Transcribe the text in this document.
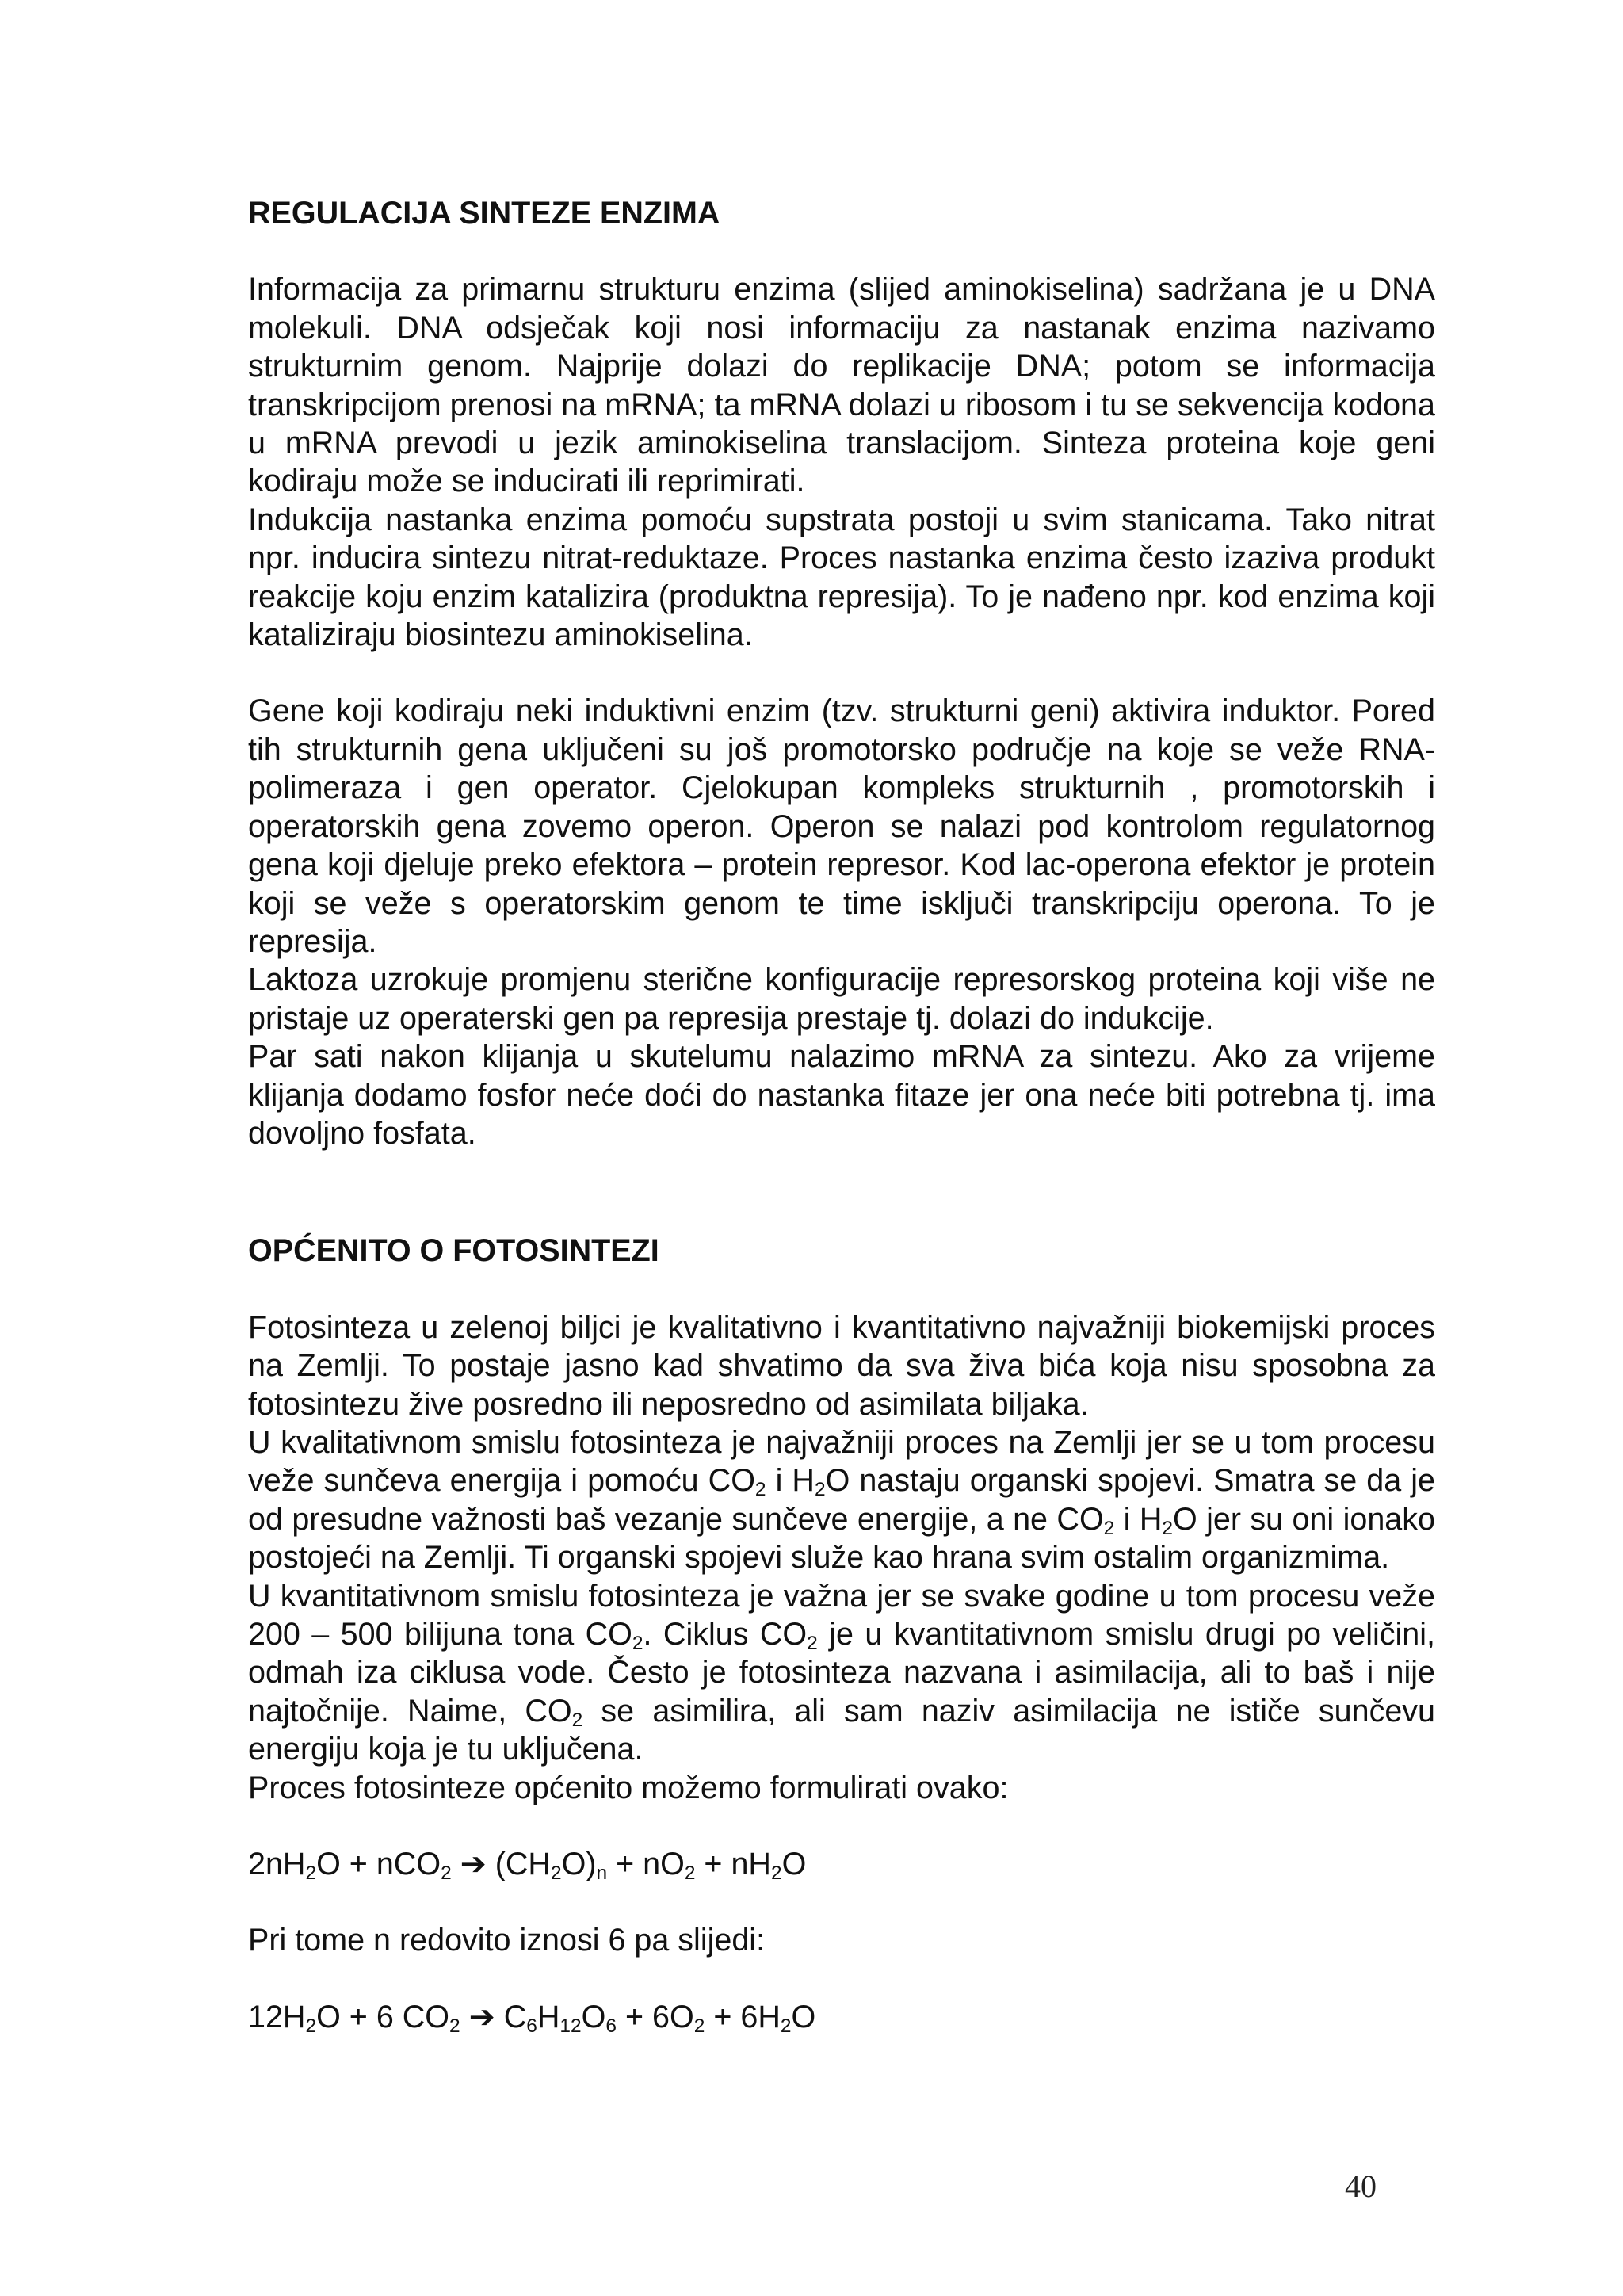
REGULACIJA SINTEZE ENZIMA

Informacija za primarnu strukturu enzima (slijed aminokiselina) sadržana je u DNA molekuli. DNA odsječak koji nosi informaciju za nastanak enzima nazivamo strukturnim genom. Najprije dolazi do replikacije DNA; potom se informacija transkripcijom prenosi na mRNA; ta mRNA dolazi u ribosom i tu se sekvencija kodona u mRNA prevodi u jezik aminokiselina translacijom. Sinteza proteina koje geni kodiraju može se inducirati ili reprimirati.

Indukcija nastanka enzima pomoću supstrata postoji u svim stanicama. Tako nitrat npr. inducira sintezu nitrat-reduktaze. Proces nastanka enzima često izaziva produkt reakcije koju enzim katalizira (produktna represija). To je nađeno npr. kod enzima koji kataliziraju biosintezu aminokiselina.

Gene koji kodiraju neki induktivni enzim (tzv. strukturni geni) aktivira induktor. Pored tih strukturnih gena uključeni su još promotorsko područje na koje se veže RNA-polimeraza i gen operator. Cjelokupan kompleks strukturnih , promotorskih i operatorskih gena zovemo operon. Operon se nalazi pod kontrolom regulatornog gena koji djeluje preko efektora – protein represor. Kod lac-operona efektor je protein koji se veže s operatorskim genom te time isključi transkripciju operona. To je represija.

Laktoza uzrokuje promjenu sterične konfiguracije represorskog proteina koji više ne pristaje uz operaterski gen pa represija prestaje tj. dolazi do indukcije.

Par sati nakon klijanja u skutelumu nalazimo mRNA za sintezu. Ako za vrijeme klijanja dodamo fosfor neće doći do nastanka fitaze jer ona neće biti potrebna tj. ima dovoljno fosfata.

OPĆENITO O FOTOSINTEZI

Fotosinteza u zelenoj biljci je kvalitativno i kvantitativno najvažniji biokemijski proces na Zemlji. To postaje jasno kad shvatimo da sva živa bića koja nisu sposobna za fotosintezu žive posredno ili neposredno od asimilata biljaka.

U kvalitativnom smislu fotosinteza je najvažniji proces na Zemlji jer se u tom procesu veže sunčeva energija i pomoću $CO_2$ i $H_2O$ nastaju organski spojevi. Smatra se da je od presudne važnosti baš vezanje sunčeve energije, a ne $CO_2$ i $H_2O$ jer su oni ionako postojeći na Zemlji. Ti organski spojevi služe kao hrana svim ostalim organizmima.

U kvantitativnom smislu fotosinteza je važna jer se svake godine u tom procesu veže 200 – 500 bilijuna tona $CO_2$. Ciklus $CO_2$ je u kvantitativnom smislu drugi po veličini, odmah iza ciklusa vode. Često je fotosinteza nazvana i asimilacija, ali to baš i nije najtočnije. Naime, $CO_2$ se asimilira, ali sam naziv asimilacija ne ističe sunčevu energiju koja je tu uključena.

Proces fotosinteze općenito možemo formulirati ovako:

$2nH_2O + nCO_2$ ➔ $(CH_2O)_n + nO_2 + nH_2O$

Pri tome n redovito iznosi 6 pa slijedi:

$12H_2O + 6$ $CO_2$ ➔ $C_6H_{12}O_6 + 6O_2 + 6H_2O$

40
